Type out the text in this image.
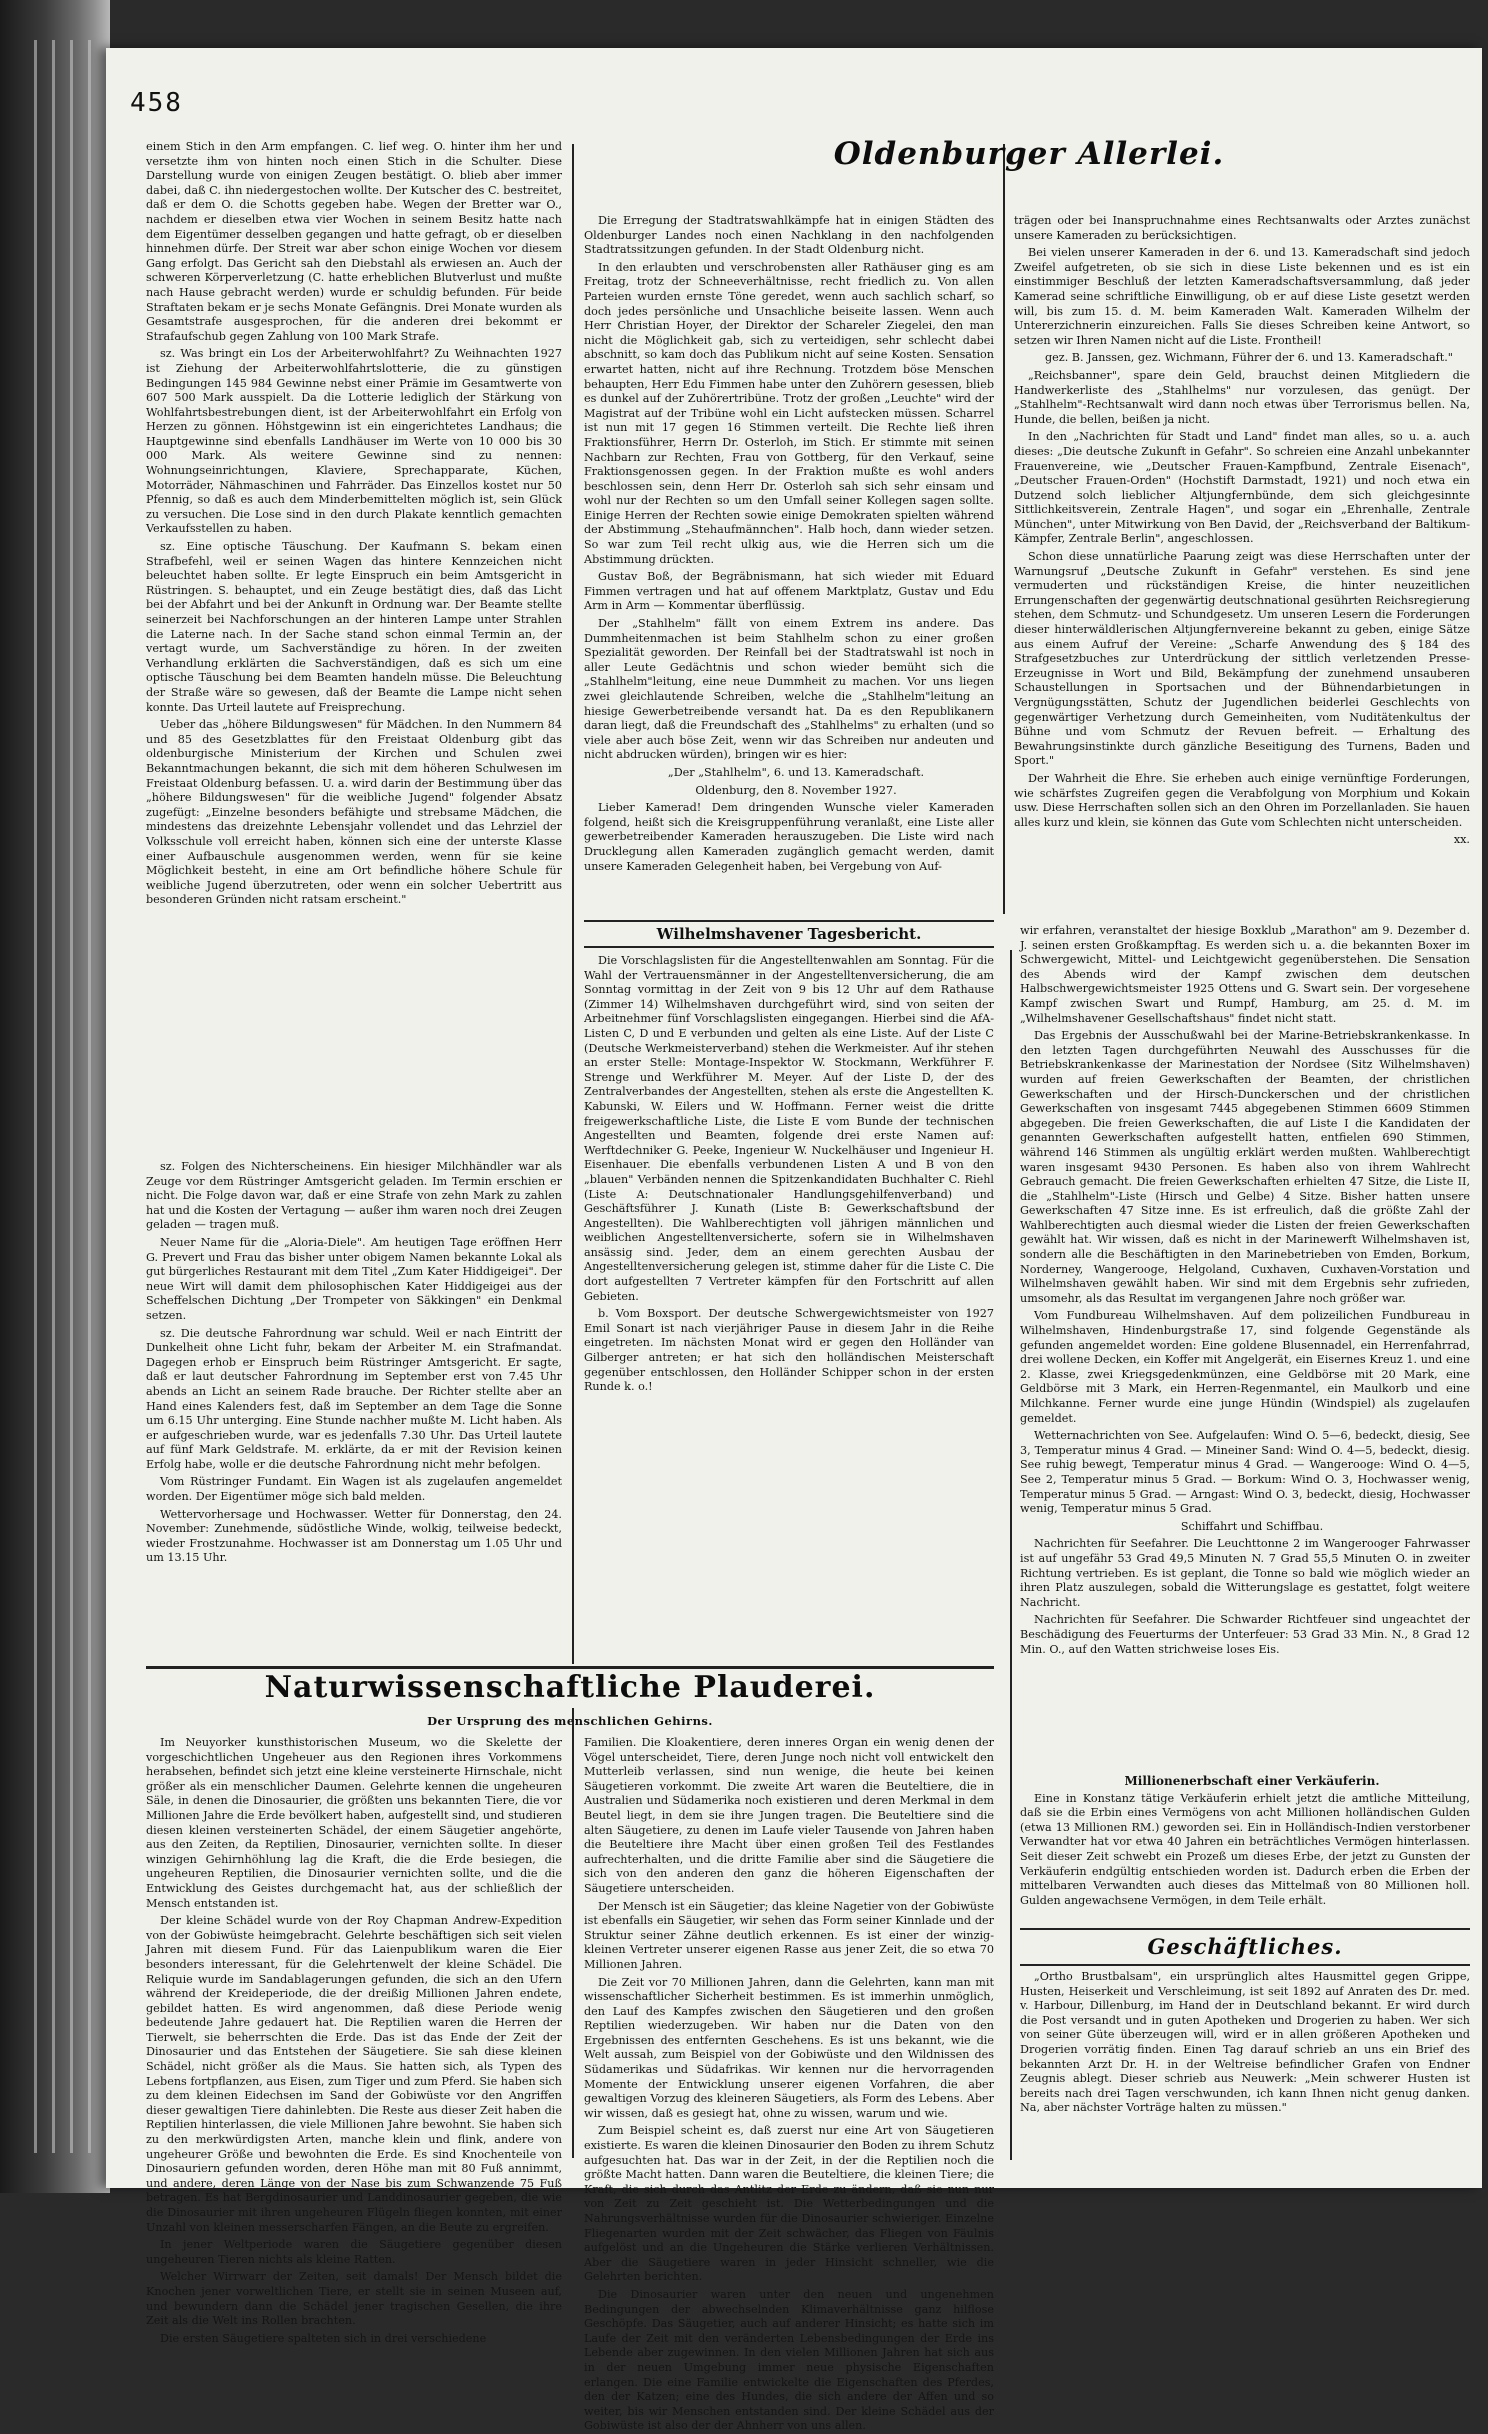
458

einem Stich in den Arm empfangen. C. lief weg. O. hinter ihm her und versetzte ihm von hinten noch einen Stich in die Schulter. Diese Darstellung wurde von einigen Zeugen bestätigt. O. blieb aber immer dabei, daß C. ihn niedergestochen wollte. Der Kutscher des C. bestreitet, daß er dem O. die Schotts gegeben habe. Wegen der Bretter war O., nachdem er dieselben etwa vier Wochen in seinem Besitz hatte nach dem Eigentümer desselben gegangen und hatte gefragt, ob er dieselben hinnehmen dürfe. Der Streit war aber schon einige Wochen vor diesem Gang erfolgt. Das Gericht sah den Diebstahl als erwiesen an. Auch der schweren Körperverletzung (C. hatte erheblichen Blutverlust und mußte nach Hause gebracht werden) wurde er schuldig befunden. Für beide Straftaten bekam er je sechs Monate Gefängnis. Drei Monate wurden als Gesamtstrafe ausgesprochen, für die anderen drei bekommt er Strafaufschub gegen Zahlung von 100 Mark Strafe.

sz. Was bringt ein Los der Arbeiterwohlfahrt? Zu Weihnachten 1927 ist Ziehung der Arbeiterwohlfahrtslotterie, die zu günstigen Bedingungen 145 984 Gewinne nebst einer Prämie im Gesamtwerte von 607 500 Mark ausspielt. Da die Lotterie lediglich der Stärkung von Wohlfahrtsbestrebungen dient, ist der Arbeiterwohlfahrt ein Erfolg von Herzen zu gönnen. Höhstgewinn ist ein eingerichtetes Landhaus; die Hauptgewinne sind ebenfalls Landhäuser im Werte von 10 000 bis 30 000 Mark. Als weitere Gewinne sind zu nennen: Wohnungseinrichtungen, Klaviere, Sprechapparate, Küchen, Motorräder, Nähmaschinen und Fahrräder. Das Einzellos kostet nur 50 Pfennig, so daß es auch dem Minderbemittelten möglich ist, sein Glück zu versuchen. Die Lose sind in den durch Plakate kenntlich gemachten Verkaufsstellen zu haben.

sz. Eine optische Täuschung. Der Kaufmann S. bekam einen Strafbefehl, weil er seinen Wagen das hintere Kennzeichen nicht beleuchtet haben sollte. Er legte Einspruch ein beim Amtsgericht in Rüstringen. S. behauptet, und ein Zeuge bestätigt dies, daß das Licht bei der Abfahrt und bei der Ankunft in Ordnung war. Der Beamte stellte seinerzeit bei Nachforschungen an der hinteren Lampe unter Strahlen die Laterne nach. In der Sache stand schon einmal Termin an, der vertagt wurde, um Sachverständige zu hören. In der zweiten Verhandlung erklärten die Sachverständigen, daß es sich um eine optische Täuschung bei dem Beamten handeln müsse. Die Beleuchtung der Straße wäre so gewesen, daß der Beamte die Lampe nicht sehen konnte. Das Urteil lautete auf Freisprechung.

Ueber das „höhere Bildungswesen" für Mädchen. In den Nummern 84 und 85 des Gesetzblattes für den Freistaat Oldenburg gibt das oldenburgische Ministerium der Kirchen und Schulen zwei Bekanntmachungen bekannt, die sich mit dem höheren Schulwesen im Freistaat Oldenburg befassen. U. a. wird darin der Bestimmung über das „höhere Bildungswesen" für die weibliche Jugend" folgender Absatz zugefügt: „Einzelne besonders befähigte und strebsame Mädchen, die mindestens das dreizehnte Lebensjahr vollendet und das Lehrziel der Volksschule voll erreicht haben, können sich eine der unterste Klasse einer Aufbauschule ausgenommen werden, wenn für sie keine Möglichkeit besteht, in eine am Ort befindliche höhere Schule für weibliche Jugend überzutreten, oder wenn ein solcher Uebertritt aus besonderen Gründen nicht ratsam erscheint."

sz. Folgen des Nichterscheinens. Ein hiesiger Milchhändler war als Zeuge vor dem Rüstringer Amtsgericht geladen. Im Termin erschien er nicht. Die Folge davon war, daß er eine Strafe von zehn Mark zu zahlen hat und die Kosten der Vertagung — außer ihm waren noch drei Zeugen geladen — tragen muß.

Neuer Name für die „Aloria-Diele". Am heutigen Tage eröffnen Herr G. Prevert und Frau das bisher unter obigem Namen bekannte Lokal als gut bürgerliches Restaurant mit dem Titel „Zum Kater Hiddigeigei". Der neue Wirt will damit dem philosophischen Kater Hiddigeigei aus der Scheffelschen Dichtung „Der Trompeter von Säkkingen" ein Denkmal setzen.

sz. Die deutsche Fahrordnung war schuld. Weil er nach Eintritt der Dunkelheit ohne Licht fuhr, bekam der Arbeiter M. ein Strafmandat. Dagegen erhob er Einspruch beim Rüstringer Amtsgericht. Er sagte, daß er laut deutscher Fahrordnung im September erst von 7.45 Uhr abends an Licht an seinem Rade brauche. Der Richter stellte aber an Hand eines Kalenders fest, daß im September an dem Tage die Sonne um 6.15 Uhr unterging. Eine Stunde nachher mußte M. Licht haben. Als er aufgeschrieben wurde, war es jedenfalls 7.30 Uhr. Das Urteil lautete auf fünf Mark Geldstrafe. M. erklärte, da er mit der Revision keinen Erfolg habe, wolle er die deutsche Fahrordnung nicht mehr befolgen.

Vom Rüstringer Fundamt. Ein Wagen ist als zugelaufen angemeldet worden. Der Eigentümer möge sich bald melden.

Wettervorhersage und Hochwasser. Wetter für Donnerstag, den 24. November: Zunehmende, südöstliche Winde, wolkig, teilweise bedeckt, wieder Frostzunahme. Hochwasser ist am Donnerstag um 1.05 Uhr und um 13.15 Uhr.

Oldenburger Allerlei.

Die Erregung der Stadtratswahlkämpfe hat in einigen Städten des Oldenburger Landes noch einen Nachklang in den nachfolgenden Stadtratssitzungen gefunden. In der Stadt Oldenburg nicht.

In den erlaubten und verschrobensten aller Rathäuser ging es am Freitag, trotz der Schneeverhältnisse, recht friedlich zu. Von allen Parteien wurden ernste Töne geredet, wenn auch sachlich scharf, so doch jedes persönliche und Unsachliche beiseite lassen. Wenn auch Herr Christian Hoyer, der Direktor der Schareler Ziegelei, den man nicht die Möglichkeit gab, sich zu verteidigen, sehr schlecht dabei abschnitt, so kam doch das Publikum nicht auf seine Kosten. Sensation erwartet hatten, nicht auf ihre Rechnung. Trotzdem böse Menschen behaupten, Herr Edu Fimmen habe unter den Zuhörern gesessen, blieb es dunkel auf der Zuhörertribüne. Trotz der großen „Leuchte" wird der Magistrat auf der Tribüne wohl ein Licht aufstecken müssen. Scharrel ist nun mit 17 gegen 16 Stimmen verteilt. Die Rechte ließ ihren Fraktionsführer, Herrn Dr. Osterloh, im Stich. Er stimmte mit seinen Nachbarn zur Rechten, Frau von Gottberg, für den Verkauf, seine Fraktionsgenossen gegen. In der Fraktion mußte es wohl anders beschlossen sein, denn Herr Dr. Osterloh sah sich sehr einsam und wohl nur der Rechten so um den Umfall seiner Kollegen sagen sollte. Einige Herren der Rechten sowie einige Demokraten spielten während der Abstimmung „Stehaufmännchen". Halb hoch, dann wieder setzen. So war zum Teil recht ulkig aus, wie die Herren sich um die Abstimmung drückten.

Gustav Boß, der Begräbnismann, hat sich wieder mit Eduard Fimmen vertragen und hat auf offenem Marktplatz, Gustav und Edu Arm in Arm — Kommentar überflüssig.

Der „Stahlhelm" fällt von einem Extrem ins andere. Das Dummheitenmachen ist beim Stahlhelm schon zu einer großen Spezialität geworden. Der Reinfall bei der Stadtratswahl ist noch in aller Leute Gedächtnis und schon wieder bemüht sich die „Stahlhelm"leitung, eine neue Dummheit zu machen. Vor uns liegen zwei gleichlautende Schreiben, welche die „Stahlhelm"leitung an hiesige Gewerbetreibende versandt hat. Da es den Republikanern daran liegt, daß die Freundschaft des „Stahlhelms" zu erhalten (und so viele aber auch böse Zeit, wenn wir das Schreiben nur andeuten und nicht abdrucken würden), bringen wir es hier:

„Der „Stahlhelm", 6. und 13. Kameradschaft.

Oldenburg, den 8. November 1927.

Lieber Kamerad! Dem dringenden Wunsche vieler Kameraden folgend, heißt sich die Kreisgruppenführung veranlaßt, eine Liste aller gewerbetreibender Kameraden herauszugeben. Die Liste wird nach Drucklegung allen Kameraden zugänglich gemacht werden, damit unsere Kameraden Gelegenheit haben, bei Vergebung von Auf-

trägen oder bei Inanspruchnahme eines Rechtsanwalts oder Arztes zunächst unsere Kameraden zu berücksichtigen.

Bei vielen unserer Kameraden in der 6. und 13. Kameradschaft sind jedoch Zweifel aufgetreten, ob sie sich in diese Liste bekennen und es ist ein einstimmiger Beschluß der letzten Kameradschaftsversammlung, daß jeder Kamerad seine schriftliche Einwilligung, ob er auf diese Liste gesetzt werden will, bis zum 15. d. M. beim Kameraden Walt. Kameraden Wilhelm der Untererzichnerin einzureichen. Falls Sie dieses Schreiben keine Antwort, so setzen wir Ihren Namen nicht auf die Liste. Frontheil!

gez. B. Janssen, gez. Wichmann, Führer der 6. und 13. Kameradschaft."

„Reichsbanner", spare dein Geld, brauchst deinen Mitgliedern die Handwerkerliste des „Stahlhelms" nur vorzulesen, das genügt. Der „Stahlhelm"-Rechtsanwalt wird dann noch etwas über Terrorismus bellen. Na, Hunde, die bellen, beißen ja nicht.

In den „Nachrichten für Stadt und Land" findet man alles, so u. a. auch dieses: „Die deutsche Zukunft in Gefahr". So schreien eine Anzahl unbekannter Frauenvereine, wie „Deutscher Frauen-Kampfbund, Zentrale Eisenach", „Deutscher Frauen-Orden" (Hochstift Darmstadt, 1921) und noch etwa ein Dutzend solch lieblicher Altjungfernbünde, dem sich gleichgesinnte Sittlichkeitsverein, Zentrale Hagen", und sogar ein „Ehrenhalle, Zentrale München", unter Mitwirkung von Ben David, der „Reichsverband der Baltikum-Kämpfer, Zentrale Berlin", angeschlossen.

Schon diese unnatürliche Paarung zeigt was diese Herrschaften unter der Warnungsruf „Deutsche Zukunft in Gefahr" verstehen. Es sind jene vermuderten und rückständigen Kreise, die hinter neuzeitlichen Errungenschaften der gegenwärtig deutschnational gesührten Reichsregierung stehen, dem Schmutz- und Schundgesetz. Um unseren Lesern die Forderungen dieser hinterwäldlerischen Altjungfernvereine bekannt zu geben, einige Sätze aus einem Aufruf der Vereine: „Scharfe Anwendung des § 184 des Strafgesetzbuches zur Unterdrückung der sittlich verletzenden Presse-Erzeugnisse in Wort und Bild, Bekämpfung der zunehmend unsauberen Schaustellungen in Sportsachen und der Bühnendarbietungen in Vergnügungsstätten, Schutz der Jugendlichen beiderlei Geschlechts von gegenwärtiger Verhetzung durch Gemeinheiten, vom Nuditätenkultus der Bühne und vom Schmutz der Revuen befreit. — Erhaltung des Bewahrungsinstinkte durch gänzliche Beseitigung des Turnens, Baden und Sport."

Der Wahrheit die Ehre. Sie erheben auch einige vernünftige Forderungen, wie schärfstes Zugreifen gegen die Verabfolgung von Morphium und Kokain usw. Diese Herrschaften sollen sich an den Ohren im Porzellanladen. Sie hauen alles kurz und klein, sie können das Gute vom Schlechten nicht unterscheiden.

xx.

Wilhelmshavener Tagesbericht.

Die Vorschlagslisten für die Angestelltenwahlen am Sonntag. Für die Wahl der Vertrauensmänner in der Angestelltenversicherung, die am Sonntag vormittag in der Zeit von 9 bis 12 Uhr auf dem Rathause (Zimmer 14) Wilhelmshaven durchgeführt wird, sind von seiten der Arbeitnehmer fünf Vorschlagslisten eingegangen. Hierbei sind die AfA-Listen C, D und E verbunden und gelten als eine Liste. Auf der Liste C (Deutsche Werkmeisterverband) stehen die Werkmeister. Auf ihr stehen an erster Stelle: Montage-Inspektor W. Stockmann, Werkführer F. Strenge und Werkführer M. Meyer. Auf der Liste D, der des Zentralverbandes der Angestellten, stehen als erste die Angestellten K. Kabunski, W. Eilers und W. Hoffmann. Ferner weist die dritte freigewerkschaftliche Liste, die Liste E vom Bunde der technischen Angestellten und Beamten, folgende drei erste Namen auf: Werftdechniker G. Peeke, Ingenieur W. Nuckelhäuser und Ingenieur H. Eisenhauer. Die ebenfalls verbundenen Listen A und B von den „blauen" Verbänden nennen die Spitzenkandidaten Buchhalter C. Riehl (Liste A: Deutschnationaler Handlungsgehilfenverband) und Geschäftsführer J. Kunath (Liste B: Gewerkschaftsbund der Angestellten). Die Wahlberechtigten voll jährigen männlichen und weiblichen Angestelltenversicherte, sofern sie in Wilhelmshaven ansässig sind. Jeder, dem an einem gerechten Ausbau der Angestelltenversicherung gelegen ist, stimme daher für die Liste C. Die dort aufgestellten 7 Vertreter kämpfen für den Fortschritt auf allen Gebieten.

b. Vom Boxsport. Der deutsche Schwergewichtsmeister von 1927 Emil Sonart ist nach vierjähriger Pause in diesem Jahr in die Reihe eingetreten. Im nächsten Monat wird er gegen den Holländer van Gilberger antreten; er hat sich den holländischen Meisterschaft gegenüber entschlossen, den Holländer Schipper schon in der ersten Runde k. o.!

wir erfahren, veranstaltet der hiesige Boxklub „Marathon" am 9. Dezember d. J. seinen ersten Großkampftag. Es werden sich u. a. die bekannten Boxer im Schwergewicht, Mittel- und Leichtgewicht gegenüberstehen. Die Sensation des Abends wird der Kampf zwischen dem deutschen Halbschwergewichtsmeister 1925 Ottens und G. Swart sein. Der vorgesehene Kampf zwischen Swart und Rumpf, Hamburg, am 25. d. M. im „Wilhelmshavener Gesellschaftshaus" findet nicht statt.

Das Ergebnis der Ausschußwahl bei der Marine-Betriebskrankenkasse. In den letzten Tagen durchgeführten Neuwahl des Ausschusses für die Betriebskrankenkasse der Marinestation der Nordsee (Sitz Wilhelmshaven) wurden auf freien Gewerkschaften der Beamten, der christlichen Gewerkschaften und der Hirsch-Dunckerschen und der christlichen Gewerkschaften von insgesamt 7445 abgegebenen Stimmen 6609 Stimmen abgegeben. Die freien Gewerkschaften, die auf Liste I die Kandidaten der genannten Gewerkschaften aufgestellt hatten, entfielen 690 Stimmen, während 146 Stimmen als ungültig erklärt werden mußten. Wahlberechtigt waren insgesamt 9430 Personen. Es haben also von ihrem Wahlrecht Gebrauch gemacht. Die freien Gewerkschaften erhielten 47 Sitze, die Liste II, die „Stahlhelm"-Liste (Hirsch und Gelbe) 4 Sitze. Bisher hatten unsere Gewerkschaften 47 Sitze inne. Es ist erfreulich, daß die größte Zahl der Wahlberechtigten auch diesmal wieder die Listen der freien Gewerkschaften gewählt hat. Wir wissen, daß es nicht in der Marinewerft Wilhelmshaven ist, sondern alle die Beschäftigten in den Marinebetrieben von Emden, Borkum, Norderney, Wangerooge, Helgoland, Cuxhaven, Cuxhaven-Vorstation und Wilhelmshaven gewählt haben. Wir sind mit dem Ergebnis sehr zufrieden, umsomehr, als das Resultat im vergangenen Jahre noch größer war.

Vom Fundbureau Wilhelmshaven. Auf dem polizeilichen Fundbureau in Wilhelmshaven, Hindenburgstraße 17, sind folgende Gegenstände als gefunden angemeldet worden: Eine goldene Blusennadel, ein Herrenfahrrad, drei wollene Decken, ein Koffer mit Angelgerät, ein Eisernes Kreuz 1. und eine 2. Klasse, zwei Kriegsgedenkmünzen, eine Geldbörse mit 20 Mark, eine Geldbörse mit 3 Mark, ein Herren-Regenmantel, ein Maulkorb und eine Milchkanne. Ferner wurde eine junge Hündin (Windspiel) als zugelaufen gemeldet.

Wetternachrichten von See. Aufgelaufen: Wind O. 5—6, bedeckt, diesig, See 3, Temperatur minus 4 Grad. — Mineiner Sand: Wind O. 4—5, bedeckt, diesig. See ruhig bewegt, Temperatur minus 4 Grad. — Wangerooge: Wind O. 4—5, See 2, Temperatur minus 5 Grad. — Borkum: Wind O. 3, Hochwasser wenig, Temperatur minus 5 Grad. — Arngast: Wind O. 3, bedeckt, diesig, Hochwasser wenig, Temperatur minus 5 Grad.

Schiffahrt und Schiffbau.

Nachrichten für Seefahrer. Die Leuchttonne 2 im Wangerooger Fahrwasser ist auf ungefähr 53 Grad 49,5 Minuten N. 7 Grad 55,5 Minuten O. in zweiter Richtung vertrieben. Es ist geplant, die Tonne so bald wie möglich wieder an ihren Platz auszulegen, sobald die Witterungslage es gestattet, folgt weitere Nachricht.

Nachrichten für Seefahrer. Die Schwarder Richtfeuer sind ungeachtet der Beschädigung des Feuerturms der Unterfeuer: 53 Grad 33 Min. N., 8 Grad 12 Min. O., auf den Watten strichweise loses Eis.

Millionenerbschaft einer Verkäuferin.

Eine in Konstanz tätige Verkäuferin erhielt jetzt die amtliche Mitteilung, daß sie die Erbin eines Vermögens von acht Millionen holländischen Gulden (etwa 13 Millionen RM.) geworden sei. Ein in Holländisch-Indien verstorbener Verwandter hat vor etwa 40 Jahren ein beträchtliches Vermögen hinterlassen. Seit dieser Zeit schwebt ein Prozeß um dieses Erbe, der jetzt zu Gunsten der Verkäuferin endgültig entschieden worden ist. Dadurch erben die Erben der mittelbaren Verwandten auch dieses das Mittelmaß von 80 Millionen holl. Gulden angewachsene Vermögen, in dem Teile erhält.

Geschäftliches.

„Ortho Brustbalsam", ein ursprünglich altes Hausmittel gegen Grippe, Husten, Heiserkeit und Verschleimung, ist seit 1892 auf Anraten des Dr. med. v. Harbour, Dillenburg, im Hand der in Deutschland bekannt. Er wird durch die Post versandt und in guten Apotheken und Drogerien zu haben. Wer sich von seiner Güte überzeugen will, wird er in allen größeren Apotheken und Drogerien vorrätig finden. Einen Tag darauf schrieb an uns ein Brief des bekannten Arzt Dr. H. in der Weltreise befindlicher Grafen von Endner Zeugnis ablegt. Dieser schrieb aus Neuwerk: „Mein schwerer Husten ist bereits nach drei Tagen verschwunden, ich kann Ihnen nicht genug danken. Na, aber nächster Vorträge halten zu müssen."

Naturwissenschaftliche Plauderei.
Der Ursprung des menschlichen Gehirns.

Im Neuyorker kunsthistorischen Museum, wo die Skelette der vorgeschichtlichen Ungeheuer aus den Regionen ihres Vorkommens herabsehen, befindet sich jetzt eine kleine versteinerte Hirnschale, nicht größer als ein menschlicher Daumen. Gelehrte kennen die ungeheuren Säle, in denen die Dinosaurier, die größten uns bekannten Tiere, die vor Millionen Jahre die Erde bevölkert haben, aufgestellt sind, und studieren diesen kleinen versteinerten Schädel, der einem Säugetier angehörte, aus den Zeiten, da Reptilien, Dinosaurier, vernichten sollte. In dieser winzigen Gehirnhöhlung lag die Kraft, die die Erde besiegen, die ungeheuren Reptilien, die Dinosaurier vernichten sollte, und die die Entwicklung des Geistes durchgemacht hat, aus der schließlich der Mensch entstanden ist.

Der kleine Schädel wurde von der Roy Chapman Andrew-Expedition von der Gobiwüste heimgebracht. Gelehrte beschäftigen sich seit vielen Jahren mit diesem Fund. Für das Laienpublikum waren die Eier besonders interessant, für die Gelehrtenwelt der kleine Schädel. Die Reliquie wurde im Sandablagerungen gefunden, die sich an den Ufern während der Kreideperiode, die der dreißig Millionen Jahren endete, gebildet hatten. Es wird angenommen, daß diese Periode wenig bedeutende Jahre gedauert hat. Die Reptilien waren die Herren der Tierwelt, sie beherrschten die Erde. Das ist das Ende der Zeit der Dinosaurier und das Entstehen der Säugetiere. Sie sah diese kleinen Schädel, nicht größer als die Maus. Sie hatten sich, als Typen des Lebens fortpflanzen, aus Eisen, zum Tiger und zum Pferd. Sie haben sich zu dem kleinen Eidechsen im Sand der Gobiwüste vor den Angriffen dieser gewaltigen Tiere dahinlebten. Die Reste aus dieser Zeit haben die Reptilien hinterlassen, die viele Millionen Jahre bewohnt. Sie haben sich zu den merkwürdigsten Arten, manche klein und flink, andere von ungeheurer Größe und bewohnten die Erde. Es sind Knochenteile von Dinosauriern gefunden worden, deren Höhe man mit 80 Fuß annimmt, und andere, deren Länge von der Nase bis zum Schwanzende 75 Fuß betragen. Es hat Bergdinosaurier und Landdinosaurier gegeben, die wie die Dinosaurier mit ihren ungeheuren Flügeln fliegen konnten, mit einer Unzahl von kleinen messerscharfen Fängen, an die Beute zu ergreifen.

In jener Weltperiode waren die Säugetiere gegenüber diesen ungeheuren Tieren nichts als kleine Ratten.

Welcher Wirrwarr der Zeiten, seit damals! Der Mensch bildet die Knochen jener vorweltlichen Tiere, er stellt sie in seinen Museen auf, und bewundern dann die Schädel jener tragischen Gesellen, die ihre Zeit als die Welt ins Rollen brachten.

Die ersten Säugetiere spalteten sich in drei verschiedene

Familien. Die Kloakentiere, deren inneres Organ ein wenig denen der Vögel unterscheidet, Tiere, deren Junge noch nicht voll entwickelt den Mutterleib verlassen, sind nun wenige, die heute bei keinen Säugetieren vorkommt. Die zweite Art waren die Beuteltiere, die in Australien und Südamerika noch existieren und deren Merkmal in dem Beutel liegt, in dem sie ihre Jungen tragen. Die Beuteltiere sind die alten Säugetiere, zu denen im Laufe vieler Tausende von Jahren haben die Beuteltiere ihre Macht über einen großen Teil des Festlandes aufrechterhalten, und die dritte Familie aber sind die Säugetiere die sich von den anderen den ganz die höheren Eigenschaften der Säugetiere unterscheiden.

Der Mensch ist ein Säugetier; das kleine Nagetier von der Gobiwüste ist ebenfalls ein Säugetier, wir sehen das Form seiner Kinnlade und der Struktur seiner Zähne deutlich erkennen. Es ist einer der winzig-kleinen Vertreter unserer eigenen Rasse aus jener Zeit, die so etwa 70 Millionen Jahren.

Die Zeit vor 70 Millionen Jahren, dann die Gelehrten, kann man mit wissenschaftlicher Sicherheit bestimmen. Es ist immerhin unmöglich, den Lauf des Kampfes zwischen den Säugetieren und den großen Reptilien wiederzugeben. Wir haben nur die Daten von den Ergebnissen des entfernten Geschehens. Es ist uns bekannt, wie die Welt aussah, zum Beispiel von der Gobiwüste und den Wildnissen des Südamerikas und Südafrikas. Wir kennen nur die hervorragenden Momente der Entwicklung unserer eigenen Vorfahren, die aber gewaltigen Vorzug des kleineren Säugetiers, als Form des Lebens. Aber wir wissen, daß es gesiegt hat, ohne zu wissen, warum und wie.

Zum Beispiel scheint es, daß zuerst nur eine Art von Säugetieren existierte. Es waren die kleinen Dinosaurier den Boden zu ihrem Schutz aufgesuchten hat. Das war in der Zeit, in der die Reptilien noch die größte Macht hatten. Dann waren die Beuteltiere, die kleinen Tiere; die Kraft, die sich durch das Antlitz der Erde zu ändern, daß sie nun nur von Zeit zu Zeit geschieht ist. Die Wetterbedingungen und die Nahrungsverhältnisse wurden für die Dinosaurier schwieriger. Einzelne Fliegenarten wurden mit der Zeit schwächer, das Fliegen von Fäulnis aufgelöst und an die Ungeheuren die Stärke verlieren Verhältnissen. Aber die Säugetiere waren in jeder Hinsicht schneller, wie die Gelehrten berichten.

Die Dinosaurier waren unter den neuen und ungenehmen Bedingungen der abwechselnden Klimaverhältnisse ganz hilflose Geschöpfe. Das Säugetier, auch auf anderer Hinsicht; es hatte sich im Laufe der Zeit mit den veränderten Lebensbedingungen der Erde ins Lebende aber zugewinnen. In den vielen Millionen Jahren hat sich aus in der neuen Umgebung immer neue physische Eigenschaften erlangen. Die eine Familie entwickelte die Eigenschaften des Pferdes, den der Katzen; eine des Hundes, die sich andere der Affen und so weiter, bis wir Menschen entstanden sind. Der kleine Schädel aus der Gobiwüste ist also der der Ahnherr von uns allen.
